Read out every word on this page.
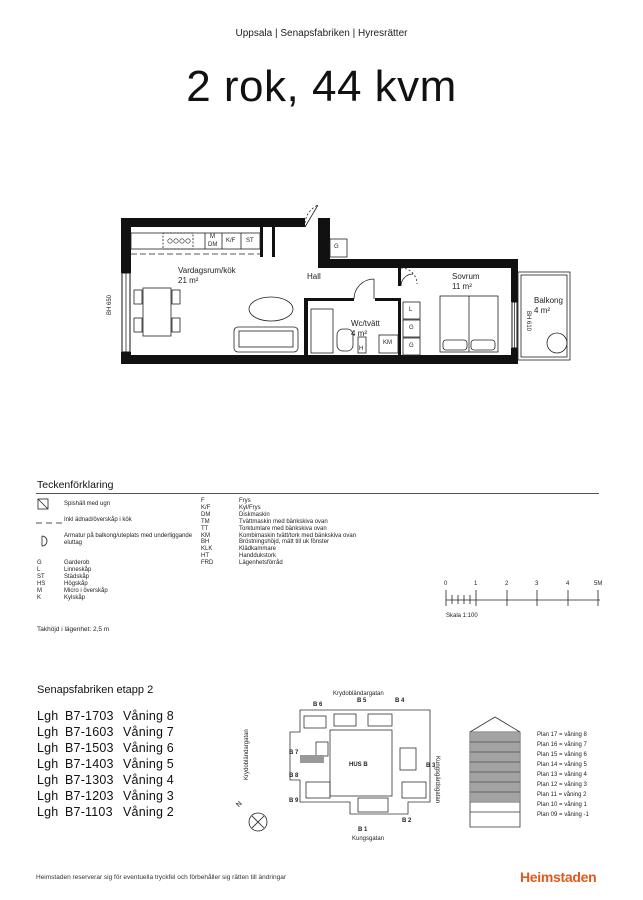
Uppsala | Senapsfabriken | Hyresrätter
2 rok, 44 kvm
Vardagsrum/kök
21 m²	Hall	Sovrum
11 m²
Balkong
4 m²
Wc/tvätt
4 m²
M
DM
K/F ST
G
L
G
G
KM
H
BH 650
BH 610
Teckenförklaring
Spishäll med ugn
Inkl ädnad/överskåp i kök
Armatur på balkong/uteplats med underliggande eluttag
G	Garderob
L	Linneskåp
ST	Städskåp
HS	Högskåp
M	Micro i överskåp
K	Kylskåp
F	Frys
K/F	Kyl/Frys
DM	Diskmaskin
TM	Tvättmaskin med bänkskiva ovan
TT	Torktumlare med bänkskiva ovan
KM	Kombimaskin tvätt/tork med bänkskiva ovan
BH	Bröstningshöjd, mätt till uk fönster
KLK	Klädkammare
HT	Handdukstork
FRD	Lägenhetsförråd
Takhöjd i lägenhet: 2,5 m
0	1	2	3	4	5M
Skala 1:100
Senapsfabriken etapp 2
Lgh B7-1703 Våning 8
Lgh B7-1603 Våning 7
Lgh B7-1503 Våning 6
Lgh B7-1403 Våning 5
Lgh B7-1303 Våning 4
Lgh B7-1203 Våning 3
Lgh B7-1103 Våning 2
Krydobländargatan
Krydobländargatan	Kungsgärdsgatan
Kungsgatan
B 6
B 5	B 4
B 7
B 3
B 8
B 9
B 1
B 2
HUS B
N
Plan 17 = våning 8
Plan 16 = våning 7
Plan 15 = våning 6
Plan 14 = våning 5
Plan 13 = våning 4
Plan 12 = våning 3
Plan 11 = våning 2
Plan 10 = våning 1
Plan 09 = våning -1
Heimstaden reserverar sig för eventuella tryckfel och förbehåller sig rätten till ändringar	Heimstaden
